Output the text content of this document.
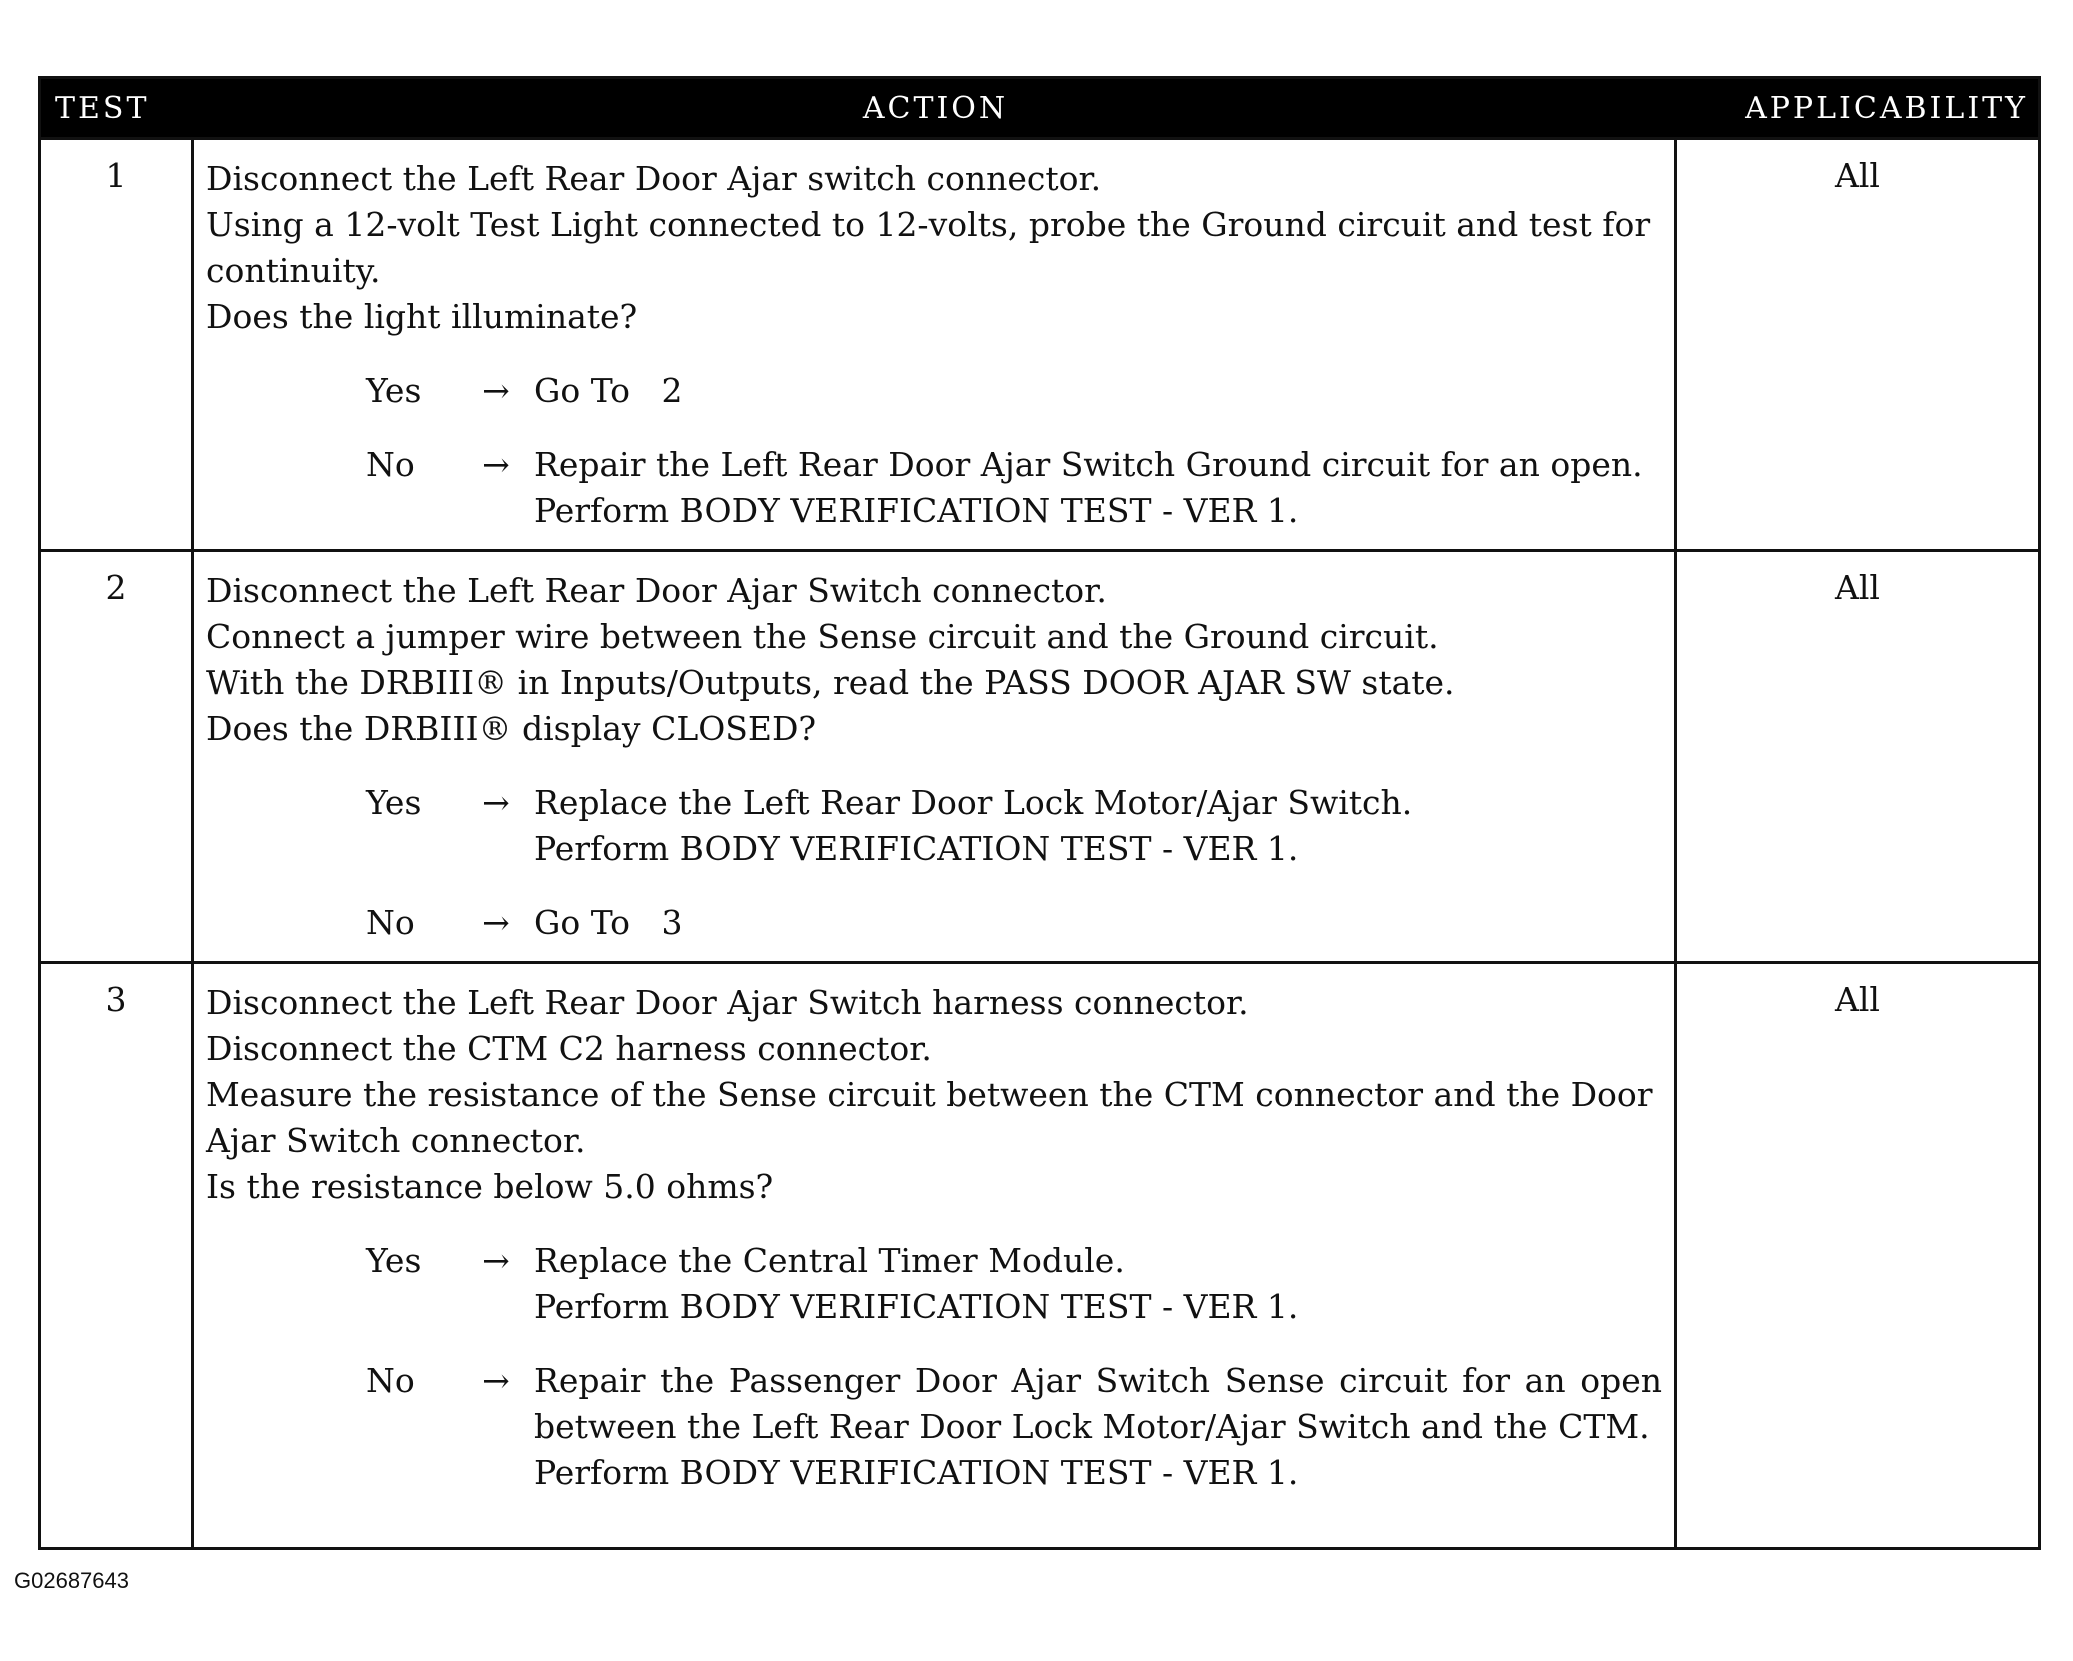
TEST	ACTION	APPLICABILITY
1	Disconnect the Left Rear Door Ajar switch connector.
Using a 12-volt Test Light connected to 12-volts, probe the Ground circuit and test for continuity.
Does the light illuminate?
Yes	→ Go To   2
No	→ Repair the Left Rear Door Ajar Switch Ground circuit for an open.
Perform BODY VERIFICATION TEST - VER 1.
All
2	Disconnect the Left Rear Door Ajar Switch connector.
Connect a jumper wire between the Sense circuit and the Ground circuit.
With the DRBIII® in Inputs/Outputs, read the PASS DOOR AJAR SW state.
Does the DRBIII® display CLOSED?
Yes	→ Replace the Left Rear Door Lock Motor/Ajar Switch.
Perform BODY VERIFICATION TEST - VER 1.
No	→ Go To   3
All
3	Disconnect the Left Rear Door Ajar Switch harness connector.
Disconnect the CTM C2 harness connector.
Measure the resistance of the Sense circuit between the CTM connector and the Door Ajar Switch connector.
Is the resistance below 5.0 ohms?
Yes	→ Replace the Central Timer Module.
Perform BODY VERIFICATION TEST - VER 1.
No	→ Repair the Passenger Door Ajar Switch Sense circuit for an open between the Left Rear Door Lock Motor/Ajar Switch and the CTM.
Perform BODY VERIFICATION TEST - VER 1.
All
G02687643
